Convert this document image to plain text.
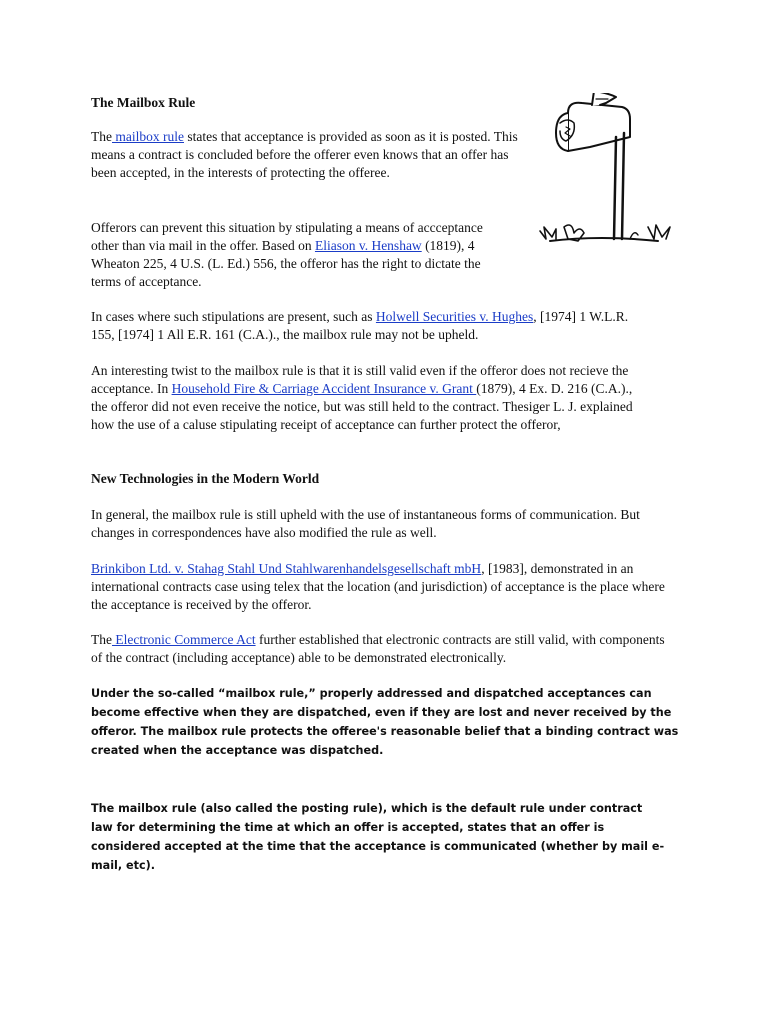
The Mailbox Rule

The mailbox rule states that acceptance is provided as soon as it is posted. This means a contract is concluded before the offerer even knows that an offer has been accepted, in the interests of protecting the offeree.

Offerors can prevent this situation by stipulating a means of accceptance other than via mail in the offer. Based on Eliason v. Henshaw (1819), 4 Wheaton 225, 4 U.S. (L. Ed.) 556, the offeror has the right to dictate the terms of acceptance.

In cases where such stipulations are present, such as Holwell Securities v. Hughes, [1974] 1 W.L.R. 155, [1974] 1 All E.R. 161 (C.A.)., the mailbox rule may not be upheld.

An interesting twist to the mailbox rule is that it is still valid even if the offeror does not recieve the acceptance. In Household Fire & Carriage Accident Insurance v. Grant (1879), 4 Ex. D. 216 (C.A.)., the offeror did not even receive the notice, but was still held to the contract. Thesiger L. J. explained how the use of a caluse stipulating receipt of acceptance can further protect the offeror,

New Technologies in the Modern World

In general, the mailbox rule is still upheld with the use of instantaneous forms of communication. But changes in correspondences have also modified the rule as well.

Brinkibon Ltd. v. Stahag Stahl Und Stahlwarenhandelsgesellschaft mbH, [1983], demonstrated in an international contracts case using telex that the location (and jurisdiction) of acceptance is the place where the acceptance is received by the offeror.

The Electronic Commerce Act further established that electronic contracts are still valid, with components of the contract (including acceptance) able to be demonstrated electronically.

Under the so-called “mailbox rule,” properly addressed and dispatched acceptances can become effective when they are dispatched, even if they are lost and never received by the offeror. The mailbox rule protects the offeree's reasonable belief that a binding contract was created when the acceptance was dispatched.

The mailbox rule (also called the posting rule), which is the default rule under contract law for determining the time at which an offer is accepted, states that an offer is considered accepted at the time that the acceptance is communicated (whether by mail e-mail, etc).
